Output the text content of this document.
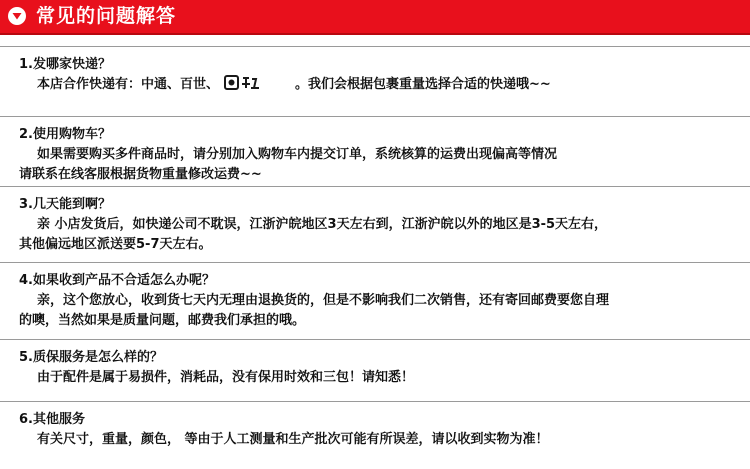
常见的问题解答
1.发哪家快递？
本店合作快递有：中通、百世、	。我们会根据包裹重量选择合适的快递哦~~
2.使用购物车？
如果需要购买多件商品时，请分别加入购物车内提交订单，系统核算的运费出现偏高等情况
请联系在线客服根据货物重量修改运费~~
3.几天能到啊？
亲 小店发货后，如快递公司不耽误，江浙沪皖地区3天左右到，江浙沪皖以外的地区是3-5天左右，
其他偏远地区派送要5-7天左右。
4.如果收到产品不合适怎么办呢？
亲，这个您放心，收到货七天内无理由退换货的，但是不影响我们二次销售，还有寄回邮费要您自理
的噢，当然如果是质量问题，邮费我们承担的哦。
5.质保服务是怎么样的？
由于配件是属于易损件，消耗品，没有保用时效和三包！请知悉！
6.其他服务
有关尺寸，重量，颜色， 等由于人工测量和生产批次可能有所误差，请以收到实物为准！
